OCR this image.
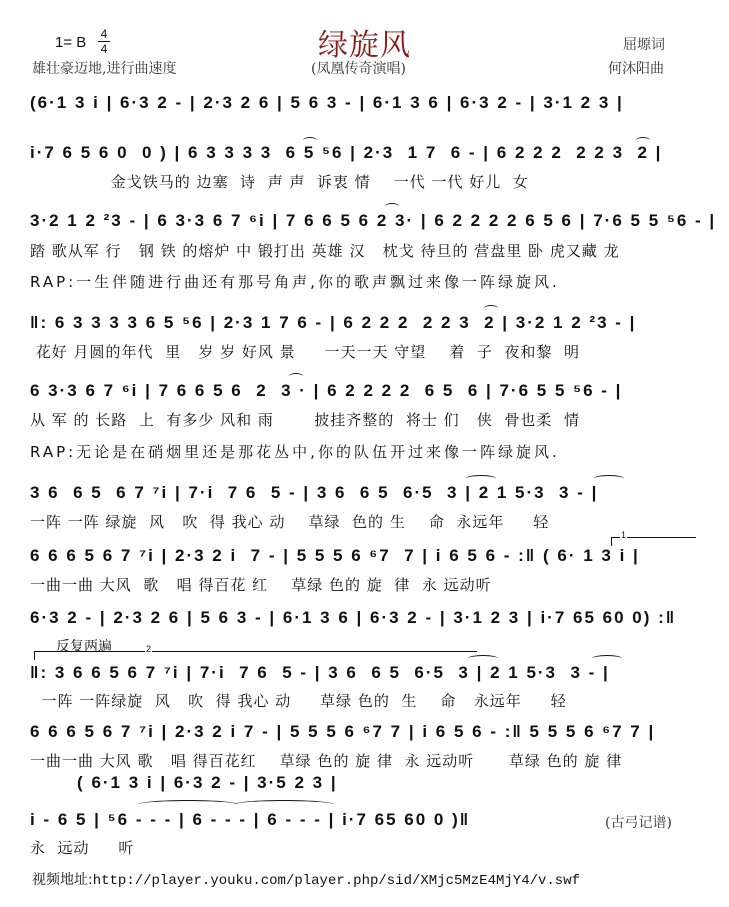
1= B 4
4
雄壮豪迈地,进行曲速度
绿旋风
(凤凰传奇演唱)
屈塬词
何沐阳曲
(6·1 3 i | 6·3 2 - | 2·3 2 6 | 5 6 3 - | 6·1 3 6 | 6·3 2 - | 3·1 2 3 |
i·7 6 5 6 0  0 ) | 6 3 3 3 3  6 5 ⁵6 | 2·3  1 7  6 - | 6 2 2 2  2 2 3  2 |
金戈铁马的 边塞  诗  声 声  诉衷 情    一代 一代 好儿  女
3·2 1 2 ²3 - | 6 3·3 6 7 ⁶i | 7 6 6 5 6 2 3· | 6 2 2 2 2 6 5 6 | 7·6 5 5 ⁵6 - |
踏 歌从军 行   钢 铁 的熔炉 中 锻打出 英雄 汉   枕戈 待旦的 营盘里 卧 虎又藏 龙
RAP:一生伴随进行曲还有那号角声,你的歌声飘过来像一阵绿旋风.
‖: 6 3 3 3 3 6 5 ⁵6 | 2·3 1 7 6 - | 6 2 2 2  2 2 3  2 | 3·2 1 2 ²3 - |
花好 月圆的年代  里   岁 岁 好风 景     一天一天 守望    着  子  夜和黎  明
6 3·3 6 7 ⁶i | 7 6 6 5 6  2  3 · | 6 2 2 2 2  6 5  6 | 7·6 5 5 ⁵6 - |
从 军 的 长路  上  有多少 风和 雨       披挂齐整的  将士 们   侠  骨也柔  情
RAP:无论是在硝烟里还是那花丛中,你的队伍开过来像一阵绿旋风.
3 6  6 5  6 7 ⁷i | 7·i  7 6  5 - | 3 6  6 5  6·5  3 | 2 1 5·3  3 - |
一阵 一阵 绿旋  风   吹  得 我心 动    草绿  色的 生    命  永远年     轻
1
6 6 6 5 6 7 ⁷i | 2·3 2 i  7 - | 5 5 5 6 ⁶7  7 | i 6 5 6 - :‖ ( 6· 1 3 i |
一曲一曲 大风  歌   唱 得百花 红    草绿 色的 旋  律  永 远动听
6·3 2 - | 2·3 2 6 | 5 6 3 - | 6·1 3 6 | 6·3 2 - | 3·1 2 3 | i·7 65 60 0) :‖
反复两遍	2
‖: 3 6 6 5 6 7 ⁷i | 7·i  7 6  5 - | 3 6  6 5  6·5  3 | 2 1 5·3  3 - |
一阵 一阵绿旋  风   吹  得 我心 动     草绿 色的  生    命   永远年     轻
6 6 6 5 6 7 ⁷i | 2·3 2 i 7 - | 5 5 5 6 ⁶7 7 | i 6 5 6 - :‖ 5 5 5 6 ⁶7 7 |
一曲一曲 大风 歌   唱 得百花红    草绿 色的 旋 律  永 远动听      草绿 色的 旋 律
( 6·1 3 i | 6·3 2 - | 3·5 2 3 |
i - 6 5 | ⁵6 - - - | 6 - - - | 6 - - - | i·7 65 60 0 )‖
永  远动     听
(古弓记谱)
视频地址:http://player.youku.com/player.php/sid/XMjc5MzE4MjY4/v.swf
